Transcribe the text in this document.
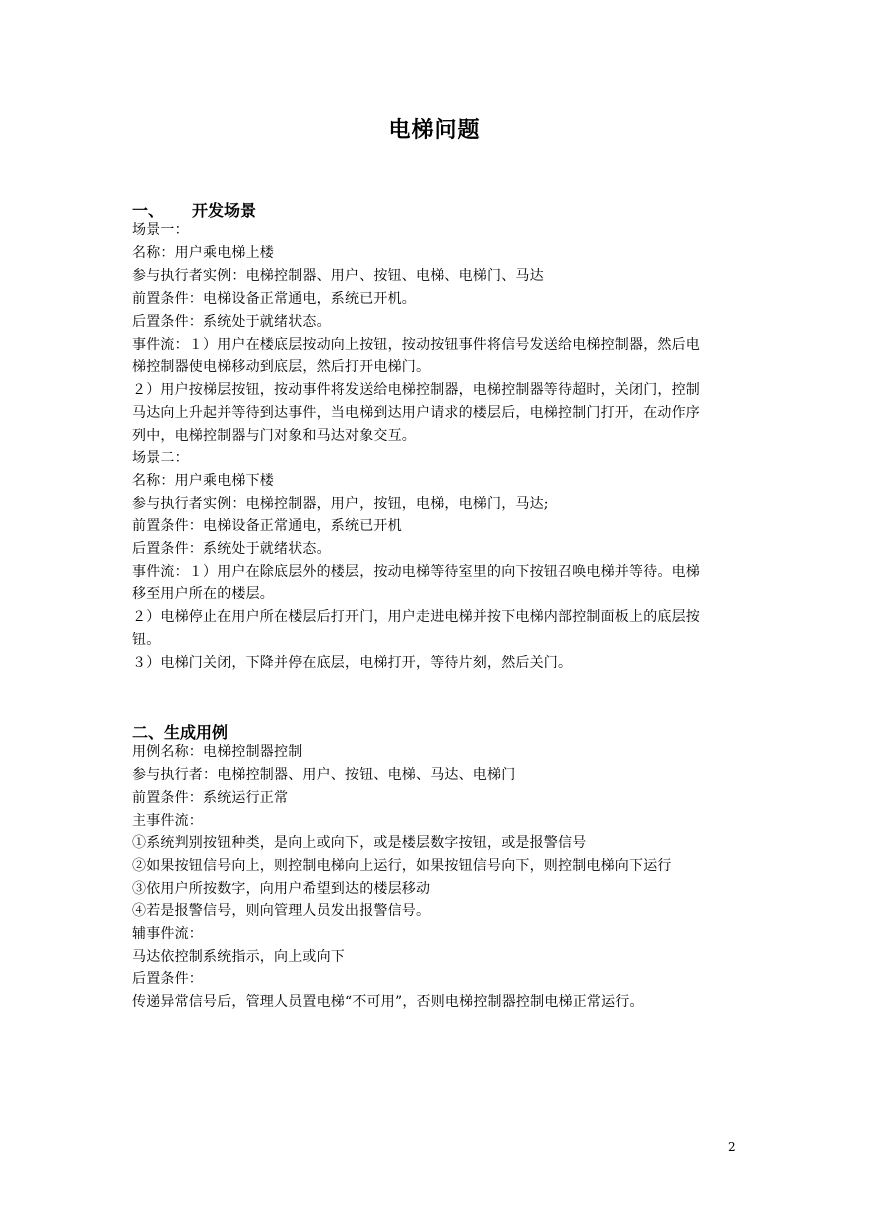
电梯问题
一、 开发场景
场景一：
名称：用户乘电梯上楼
参与执行者实例：电梯控制器、用户、按钮、电梯、电梯门、马达
前置条件：电梯设备正常通电，系统已开机。
后置条件：系统处于就绪状态。
事件流：１）用户在楼底层按动向上按钮，按动按钮事件将信号发送给电梯控制器，然后电
梯控制器使电梯移动到底层，然后打开电梯门。
２）用户按梯层按钮，按动事件将发送给电梯控制器，电梯控制器等待超时，关闭门，控制
马达向上升起并等待到达事件，当电梯到达用户请求的楼层后，电梯控制门打开，在动作序
列中，电梯控制器与门对象和马达对象交互。
场景二：
名称：用户乘电梯下楼
参与执行者实例：电梯控制器，用户，按钮，电梯，电梯门，马达;
前置条件：电梯设备正常通电，系统已开机
后置条件：系统处于就绪状态。
事件流：１）用户在除底层外的楼层，按动电梯等待室里的向下按钮召唤电梯并等待。电梯
移至用户所在的楼层。
２）电梯停止在用户所在楼层后打开门，用户走进电梯并按下电梯内部控制面板上的底层按
钮。
３）电梯门关闭，下降并停在底层，电梯打开，等待片刻，然后关门。
二、生成用例
用例名称：电梯控制器控制
参与执行者：电梯控制器、用户、按钮、电梯、马达、电梯门
前置条件：系统运行正常
主事件流：
①系统判别按钮种类，是向上或向下，或是楼层数字按钮，或是报警信号
②如果按钮信号向上，则控制电梯向上运行，如果按钮信号向下，则控制电梯向下运行
③依用户所按数字，向用户希望到达的楼层移动
④若是报警信号，则向管理人员发出报警信号。
辅事件流：
马达依控制系统指示，向上或向下
后置条件：
传递异常信号后，管理人员置电梯“不可用”，否则电梯控制器控制电梯正常运行。
2
